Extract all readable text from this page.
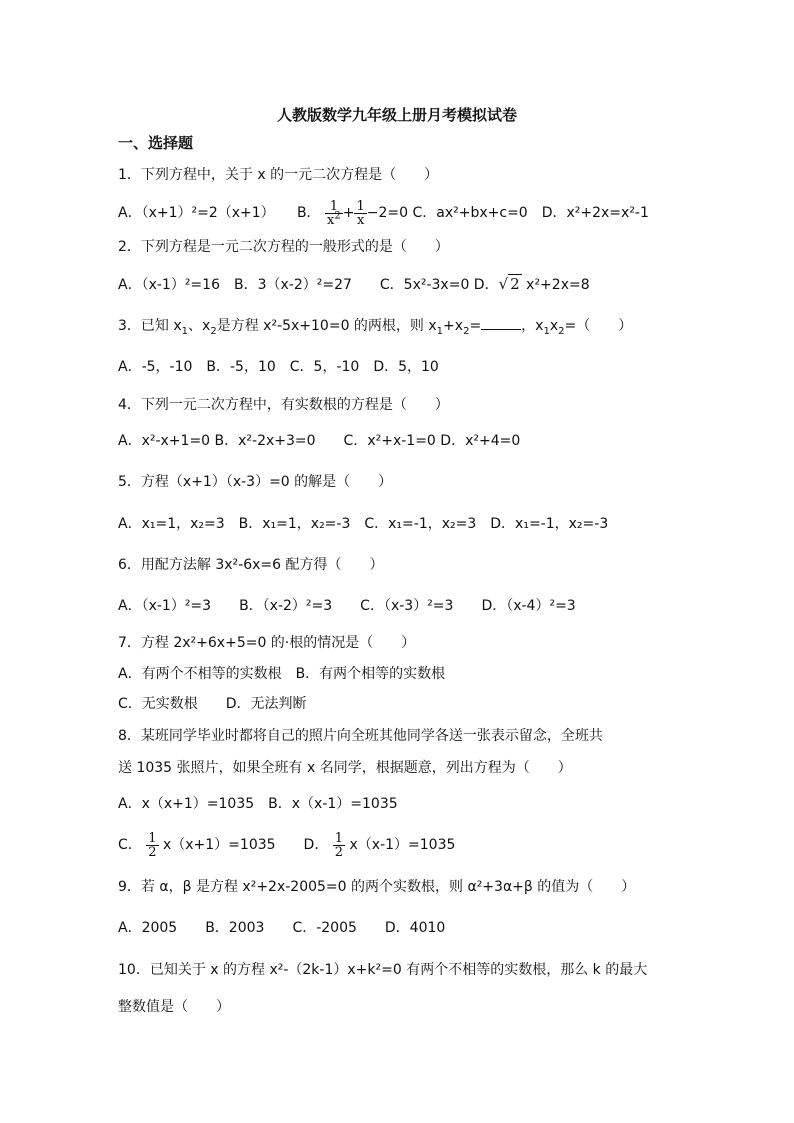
人教版数学九年级上册月考模拟试卷
一、选择题
1．下列方程中，关于 x 的一元二次方程是（　　）
A．（x+1）²=2（x+1） B． $\frac{1}{x^2} + \frac{1}{x} -2=0$ C．ax²+bx+c=0　D．x²+2x=x²-1
2．下列方程是一元二次方程的一般形式的是（　　）
A．（x-1）²=16　B．3（x-2）²=27　　C．5x²-3x=0 D．√ 2 x²+2x=8
3．已知 $x_1$、$x_2$是方程 x²-5x+10=0 的两根，则 $x_1+x_2=$	，$x_1x_2=$（　　）
A．-5，-10　B．-5，10　C．5，-10　D．5，10
4．下列一元二次方程中，有实数根的方程是（　　）
A．x²-x+1=0 B．x²-2x+3=0　　C．x²+x-1=0 D．x²+4=0
5．方程（x+1）（x-3）=0 的解是（　　）
A．x₁=1，x₂=3　B．x₁=1，x₂=-3　C．x₁=-1，x₂=3　D．x₁=-1，x₂=-3
6．用配方法解 3x²-6x=6 配方得（　　）
A．（x-1）²=3　　B．（x-2）²=3　　C．（x-3）²=3　　D．（x-4）²=3
7．方程 2x²+6x+5=0 的·根的情况是（　　）
A．有两个不相等的实数根　B．有两个相等的实数根
C．无实数根　　D．无法判断
8．某班同学毕业时都将自己的照片向全班其他同学各送一张表示留念，全班共
送 1035 张照片，如果全班有 x 名同学，根据题意，列出方程为（　　）
A．x（x+1）=1035　B．x（x-1）=1035
C． $\frac{1}{2} x(x+1)=1035$　　D． $\frac{1}{2} x(x-1)=1035$
9．若 α，β 是方程 x²+2x-2005=0 的两个实数根，则 α²+3α+β 的值为（　　）
A．2005　　B．2003　　C．-2005　　D．4010
10．已知关于 x 的方程 x²-（2k-1）x+k²=0 有两个不相等的实数根，那么 k 的最大
整数值是（　　）
